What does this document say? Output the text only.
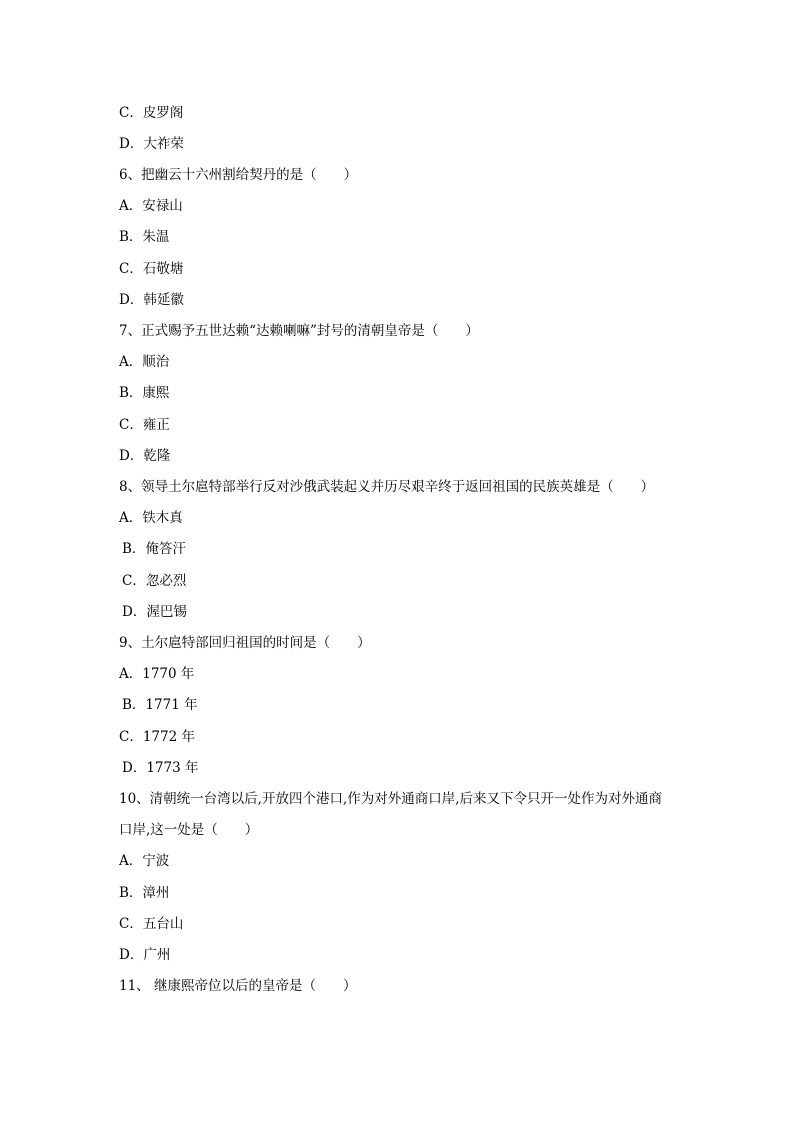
C．皮罗阁
D．大祚荣
6、把幽云十六州割给契丹的是（　　）
A．安禄山
B．朱温
C．石敬塘
D．韩延徽
7、正式赐予五世达赖“达赖喇嘛”封号的清朝皇帝是（　　）
A．顺治
B．康熙
C．雍正
D．乾隆
8、领导土尔扈特部举行反对沙俄武装起义并历尽艰辛终于返回祖国的民族英雄是（　　）
A．铁木真
B．俺答汗
C．忽必烈
D．渥巴锡
9、土尔扈特部回归祖国的时间是（　　）
A．1770 年
B．1771 年
C．1772 年
D．1773 年
10、清朝统一台湾以后,开放四个港口,作为对外通商口岸,后来又下令只开一处作为对外通商
口岸,这一处是（　　）
A．宁波
B．漳州
C．五台山
D．广州
11、 继康熙帝位以后的皇帝是（　　）
